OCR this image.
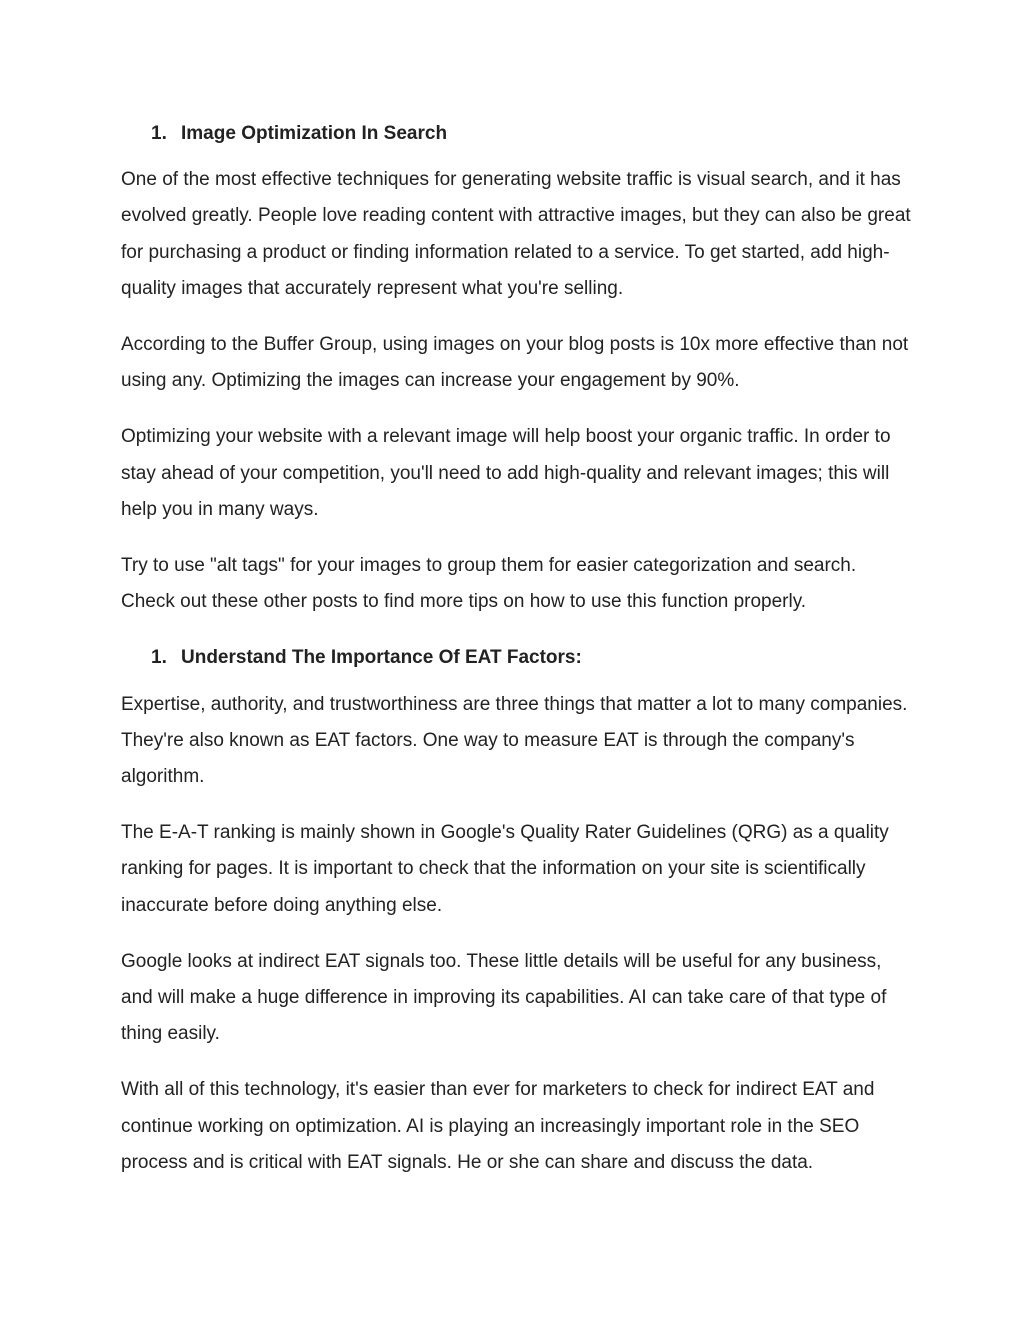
1. Image Optimization In Search

One of the most effective techniques for generating website traffic is visual search, and it has evolved greatly. People love reading content with attractive images, but they can also be great for purchasing a product or finding information related to a service. To get started, add high-quality images that accurately represent what you're selling.

According to the Buffer Group, using images on your blog posts is 10x more effective than not using any. Optimizing the images can increase your engagement by 90%.

Optimizing your website with a relevant image will help boost your organic traffic. In order to stay ahead of your competition, you'll need to add high-quality and relevant images; this will help you in many ways.

Try to use "alt tags" for your images to group them for easier categorization and search. Check out these other posts to find more tips on how to use this function properly.

1. Understand The Importance Of EAT Factors:

Expertise, authority, and trustworthiness are three things that matter a lot to many companies. They're also known as EAT factors. One way to measure EAT is through the company's algorithm.

The E-A-T ranking is mainly shown in Google's Quality Rater Guidelines (QRG) as a quality ranking for pages. It is important to check that the information on your site is scientifically inaccurate before doing anything else.

Google looks at indirect EAT signals too. These little details will be useful for any business, and will make a huge difference in improving its capabilities. AI can take care of that type of thing easily.

With all of this technology, it's easier than ever for marketers to check for indirect EAT and continue working on optimization. AI is playing an increasingly important role in the SEO process and is critical with EAT signals. He or she can share and discuss the data.
